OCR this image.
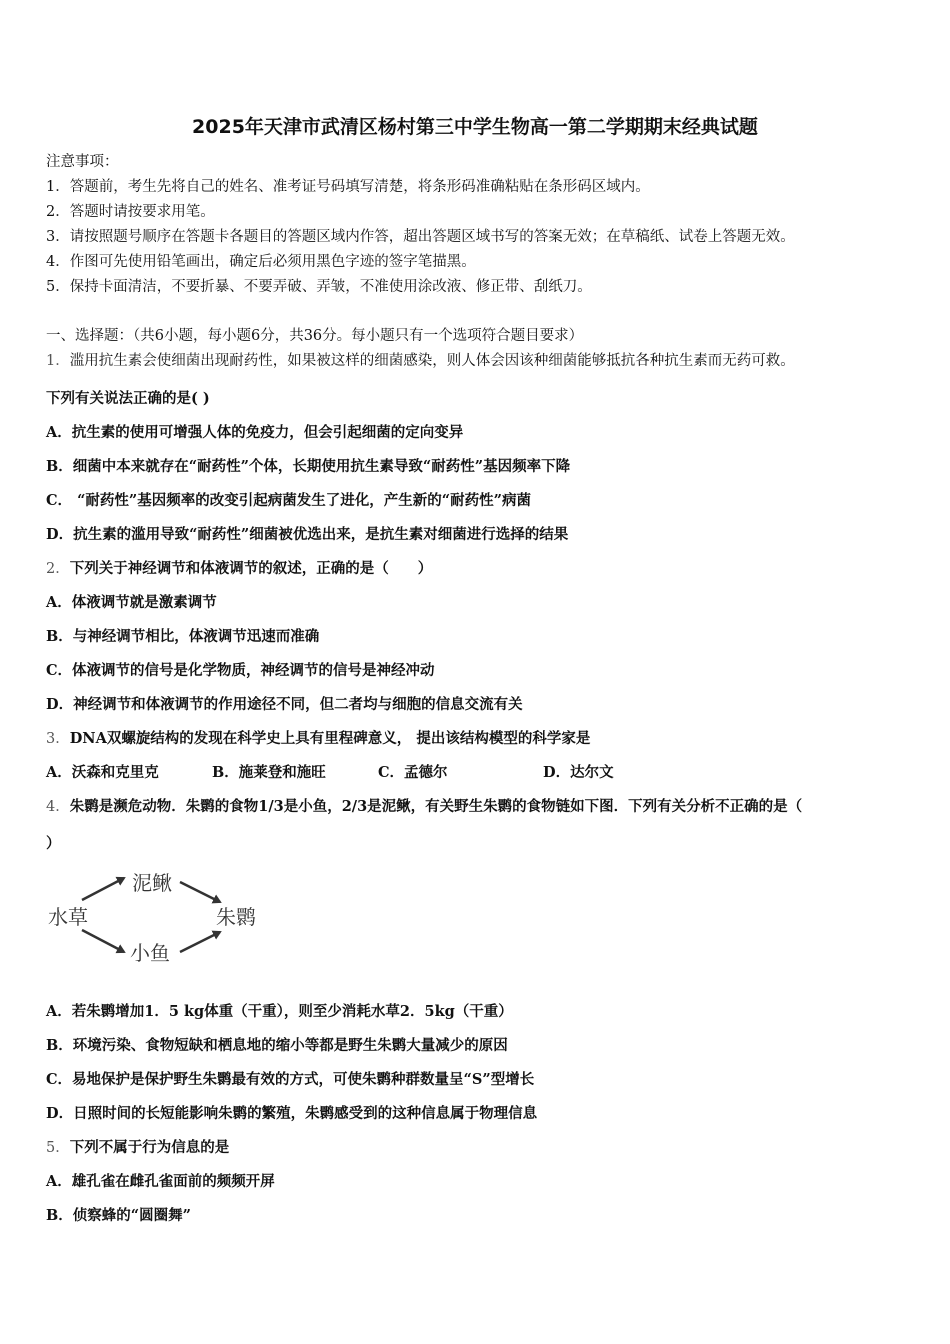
2025年天津市武清区杨村第三中学生物高一第二学期期末经典试题
注意事项：
1．答题前，考生先将自己的姓名、准考证号码填写清楚，将条形码准确粘贴在条形码区域内。
2．答题时请按要求用笔。
3．请按照题号顺序在答题卡各题目的答题区域内作答，超出答题区域书写的答案无效；在草稿纸、试卷上答题无效。
4．作图可先使用铅笔画出，确定后必须用黑色字迹的签字笔描黑。
5．保持卡面清洁，不要折暴、不要弄破、弄皱，不准使用涂改液、修正带、刮纸刀。
一、选择题：（共6小题，每小题6分，共36分。每小题只有一个选项符合题目要求）
1．滥用抗生素会使细菌出现耐药性，如果被这样的细菌感染，则人体会因该种细菌能够抵抗各种抗生素而无药可救。
下列有关说法正确的是( )
A．抗生素的使用可增强人体的免疫力，但会引起细菌的定向变异
B．细菌中本来就存在“耐药性”个体，长期使用抗生素导致“耐药性”基因频率下降
C． “耐药性”基因频率的改变引起病菌发生了进化，产生新的“耐药性”病菌
D．抗生素的滥用导致“耐药性”细菌被优选出来，是抗生素对细菌进行选择的结果
2．下列关于神经调节和体液调节的叙述，正确的是（　　）
A．体液调节就是激素调节
B．与神经调节相比，体液调节迅速而准确
C．体液调节的信号是化学物质，神经调节的信号是神经冲动
D．神经调节和体液调节的作用途径不同，但二者均与细胞的信息交流有关
3．DNA双螺旋结构的发现在科学史上具有里程碑意义， 提出该结构模型的科学家是
A．沃森和克里克	B．施莱登和施旺	C．孟德尔	D．达尔文
4．朱鹮是濒危动物．朱鹮的食物1/3是小鱼，2/3是泥鳅，有关野生朱鹮的食物链如下图．下列有关分析不正确的是（
）
水草
泥鳅
小鱼
朱鹮
A．若朱鹮增加1．5 kg体重（干重），则至少消耗水草2．5kg（干重）
B．环境污染、食物短缺和栖息地的缩小等都是野生朱鹮大量减少的原因
C．易地保护是保护野生朱鹮最有效的方式，可使朱鹮种群数量呈“S”型增长
D．日照时间的长短能影响朱鹮的繁殖，朱鹮感受到的这种信息属于物理信息
5．下列不属于行为信息的是
A．雄孔雀在雌孔雀面前的频频开屏
B．侦察蜂的“圆圈舞”
